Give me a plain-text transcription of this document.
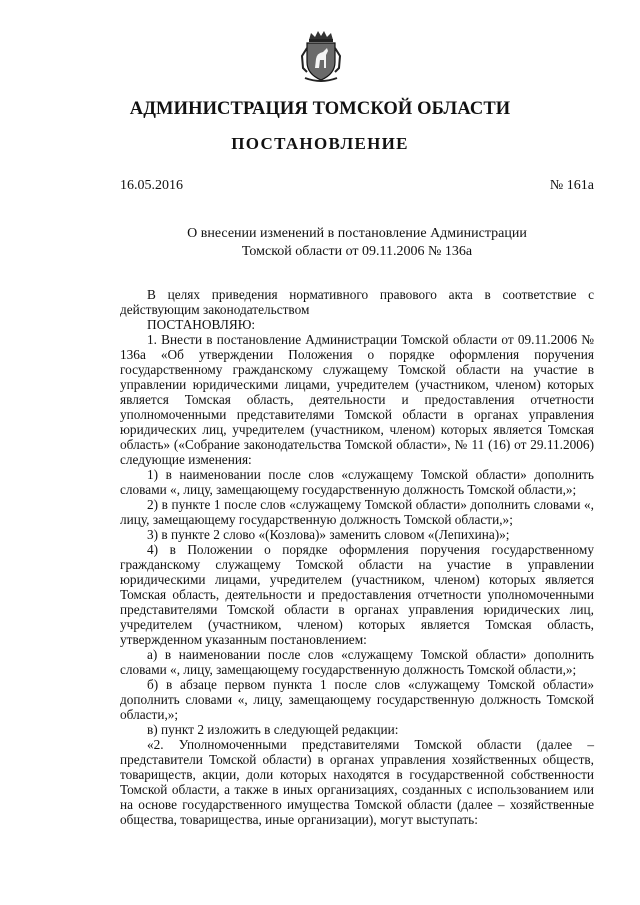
АДМИНИСТРАЦИЯ ТОМСКОЙ ОБЛАСТИ
ПОСТАНОВЛЕНИЕ
16.05.2016	№ 161а
О внесении изменений в постановление Администрации
Томской области от 09.11.2006 № 136а

В целях приведения нормативного правового акта в соответствие с действующим законодательством

ПОСТАНОВЛЯЮ:

1. Внести в постановление Администрации Томской области от 09.11.2006 № 136а «Об утверждении Положения о порядке оформления поручения государственному гражданскому служащему Томской области на участие в управлении юридическими лицами, учредителем (участником, членом) которых является Томская область, деятельности и предоставления отчетности уполномоченными представителями Томской области в органах управления юридических лиц, учредителем (участником, членом) которых является Томская область» («Собрание законодательства Томской области», № 11 (16) от 29.11.2006) следующие изменения:

1) в наименовании после слов «служащему Томской области» дополнить словами «, лицу, замещающему государственную должность Томской области,»;

2) в пункте 1 после слов «служащему Томской области» дополнить словами «, лицу, замещающему государственную должность Томской области,»;

3) в пункте 2 слово «(Козлова)» заменить словом «(Лепихина)»;

4) в Положении о порядке оформления поручения государственному гражданскому служащему Томской области на участие в управлении юридическими лицами, учредителем (участником, членом) которых является Томская область, деятельности и предоставления отчетности уполномоченными представителями Томской области в органах управления юридических лиц, учредителем (участником, членом) которых является Томская область, утвержденном указанным постановлением:

а) в наименовании после слов «служащему Томской области» дополнить словами «, лицу, замещающему государственную должность Томской области,»;

б) в абзаце первом пункта 1 после слов «служащему Томской области» дополнить словами «, лицу, замещающему государственную должность Томской области,»;

в) пункт 2 изложить в следующей редакции:

«2. Уполномоченными представителями Томской области (далее – представители Томской области) в органах управления хозяйственных обществ, товариществ, акции, доли которых находятся в государственной собственности Томской области, а также в иных организациях, созданных с использованием или на основе государственного имущества Томской области (далее – хозяйственные общества, товарищества, иные организации), могут выступать:
